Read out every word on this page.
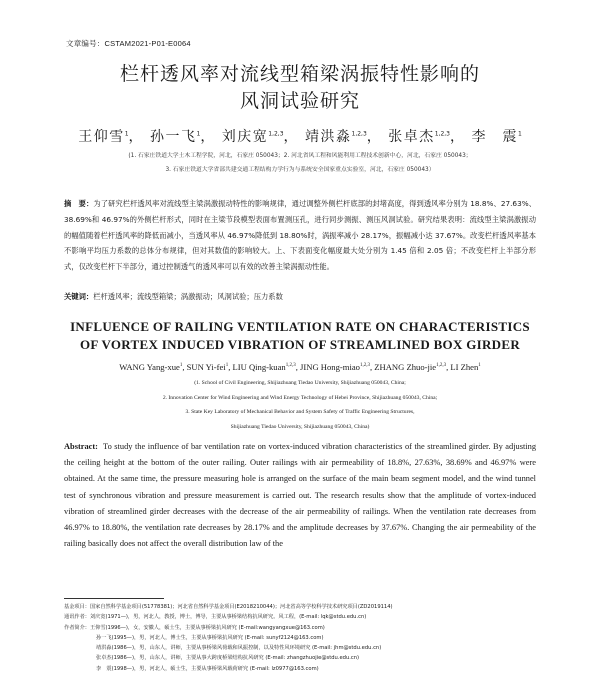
文章编号：CSTAM2021-P01-E0064
栏杆透风率对流线型箱梁涡振特性影响的
风洞试验研究
王仰雪$^1$， 孙一飞$^1$， 刘庆宽$^{1,2,3}$， 靖洪淼$^{1,2,3}$， 张卓杰$^{1,2,3}$， 李　震$^1$
(1. 石家庄铁道大学土木工程学院，河北，石家庄 050043；2. 河北省风工程和风能利用工程技术创新中心，河北，石家庄 050043；
3. 石家庄铁道大学省部共建交通工程结构力学行为与系统安全国家重点实验室，河北，石家庄 050043）
摘　要：为了研究栏杆透风率对流线型主梁涡激振动特性的影响规律，通过调整外侧栏杆底部的封堵高度，得到透风率分别为 18.8%、27.63%、38.69%和 46.97%的外侧栏杆形式，同时在主梁节段模型表面布置测压孔，进行同步测振、测压风洞试验。研究结果表明：流线型主梁涡激振动的幅值随着栏杆透风率的降低而减小，当透风率从 46.97%降低到 18.80%时，涡振率减小 28.17%，振幅减小达 37.67%。改变栏杆透风率基本不影响平均压力系数的总体分布规律，但对其数值的影响较大。上、下表面变化幅度最大处分别为 1.45 倍和 2.05 倍；不改变栏杆上半部分形式，仅改变栏杆下半部分，通过控制透气的透风率可以有效的改善主梁涡振动性能。
关键词：栏杆透风率；流线型箱梁；涡激振动；风洞试验；压力系数
INFLUENCE OF RAILING VENTILATION RATE ON CHARACTERISTICS
OF VORTEX INDUCED VIBRATION OF STREAMLINED BOX GIRDER
WANG Yang-xue$^1$, SUN Yi-fei$^1$, LIU Qing-kuan$^{1,2,3}$, JING Hong-miao$^{1,2,3}$, ZHANG Zhuo-jie$^{1,2,3}$, LI Zhen$^1$
(1. School of Civil Engineering, Shijiazhuang Tiedao University, Shijiazhuang 050043, China;
2. Innovation Center for Wind Engineering and Wind Energy Technology of Hebei Province, Shijiazhuang 050043, China;
3. State Key Laboratory of Mechanical Behavior and System Safety of Traffic Engineering Structures,
Shijiazhuang Tiedao University, Shijiazhuang 050043, China)
Abstract: To study the influence of bar ventilation rate on vortex-induced vibration characteristics of the streamlined girder. By adjusting the ceiling height at the bottom of the outer railing. Outer railings with air permeability of 18.8%, 27.63%, 38.69% and 46.97% were obtained. At the same time, the pressure measuring hole is arranged on the surface of the main beam segment model, and the wind tunnel test of synchronous vibration and pressure measurement is carried out. The research results show that the amplitude of vortex-induced vibration of streamlined girder decreases with the decrease of the air permeability of railings. When the ventilation rate decreases from 46.97% to 18.80%, the ventilation rate decreases by 28.17% and the amplitude decreases by 37.67%. Changing the air permeability of the railing basically does not affect the overall distribution law of the
基金项目：国家自然科学基金项目(51778381)；河北省自然科学基金项目(E2018210044)；河北省高等学校科学技术研究项目(ZD2019114)
通讯作者：刘庆宽(1971—)，男，河北人，教授，博士，博导，主要从事桥梁结构抗风研究。风工程，(E-mail: lqk@stdu.edu.cn)
作者简介：王仰雪(1996—)，女，安徽人，硕士生，主要从事桥梁抗风研究 (E-mail:wangyangxue@163.com)
孙一飞(1995—)，男，河北人，博士生，主要从事桥梁抗风研究 (E-mail: sunyf2124@163.com)
靖洪淼(1986—)，男，山东人，讲师，主要从事桥梁风荷载和风振控制，以及特性风环境研究 (E-mail: jhm@stdu.edu.cn)
张卓杰(1986—)，男，山东人，讲师，主要从事大跨度桥梁结构抗风研究 (E-mail: zhangzhuojie@stdu.edu.cn)
李　震(1998—)，男，河北人，硕士生，主要从事桥梁风载荷研究 (E-mail: lz0977@163.com)
